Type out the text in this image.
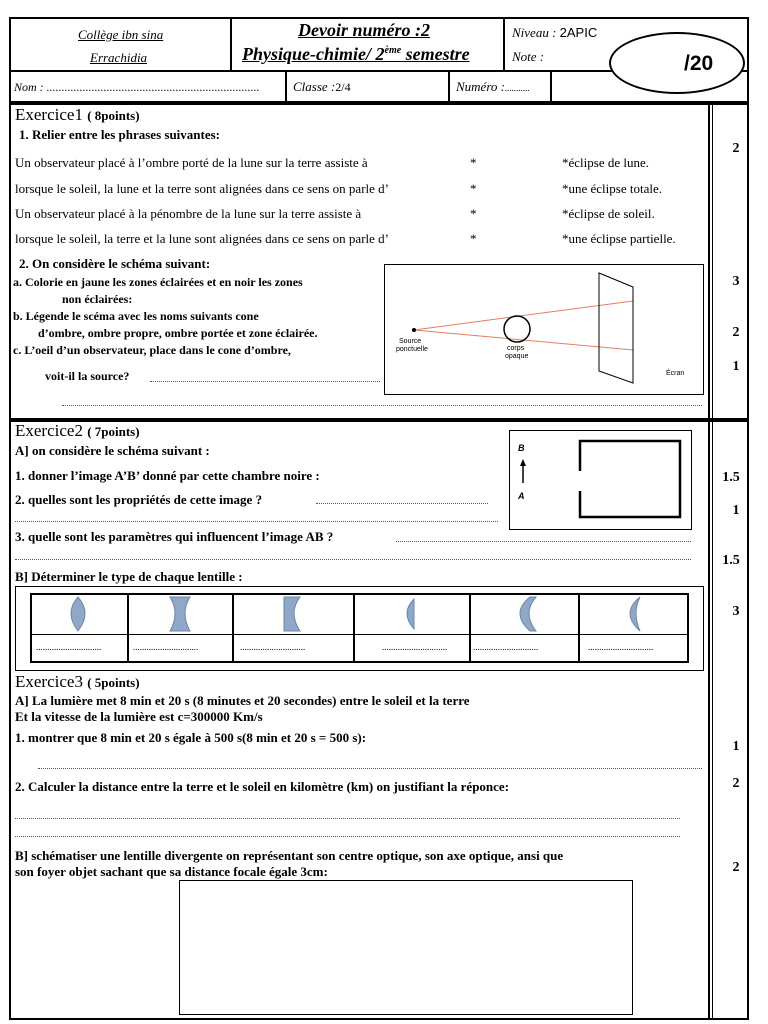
Collège ibn sina
Errachidia
Devoir numéro :2
Physique-chimie/ 2ème semestre
Niveau : 2APIC
Note :	/20
Nom : .......................................................................	Classe :2/4	Numéro :...........
Exercice1 ( 8points)
1. Relier entre les phrases suivantes:
Un observateur placé à l’ombre porté de la lune sur la terre assiste à	*	*éclipse de lune.
lorsque le soleil, la lune et la terre sont alignées dans ce sens on parle d’	*	*une éclipse totale.
Un observateur placé à la pénombre de la lune sur la terre assiste à	*	*éclipse de soleil.
lorsque le soleil, la terre et la lune sont alignées dans ce sens on parle d’	*	*une éclipse partielle.
2. On considère le schéma suivant:
a. Colorie en jaune les zones éclairées et en noir les zones
non éclairées:
b. Légende le scéma avec les noms suivants cone
d’ombre, ombre propre, ombre portée et zone éclairée.
c. L’oeil d’un observateur, place dans le cone d’ombre,
voit-il la source?
Source
ponctuelle	corps
opaque
Écran
2
3
2
1
Exercice2 ( 7points)
A] on considère le schéma suivant :
1. donner l’image A’B’ donné par cette chambre noire :
2. quelles sont les propriétés de cette image ?
3. quelle sont les paramètres qui influencent l’image AB ?
B
A
B] Déterminer le type de chaque lentille :
.............................	.............................	.............................	.............................	.............................	.............................
1.5
1
1.5
3
Exercice3 ( 5points)
A] La lumière met 8 min et 20 s (8 minutes et 20 secondes) entre le soleil et la terre
Et la vitesse de la lumière est c=300000 Km/s
1. montrer que 8 min et 20 s égale à 500 s(8 min et 20 s = 500 s):
2. Calculer la distance entre la terre et le soleil en kilomètre (km) on justifiant la réponce:
B] schématiser une lentille divergente on représentant son centre optique, son axe optique, ansi que
son foyer objet sachant que sa distance focale égale 3cm:
1
2
2
